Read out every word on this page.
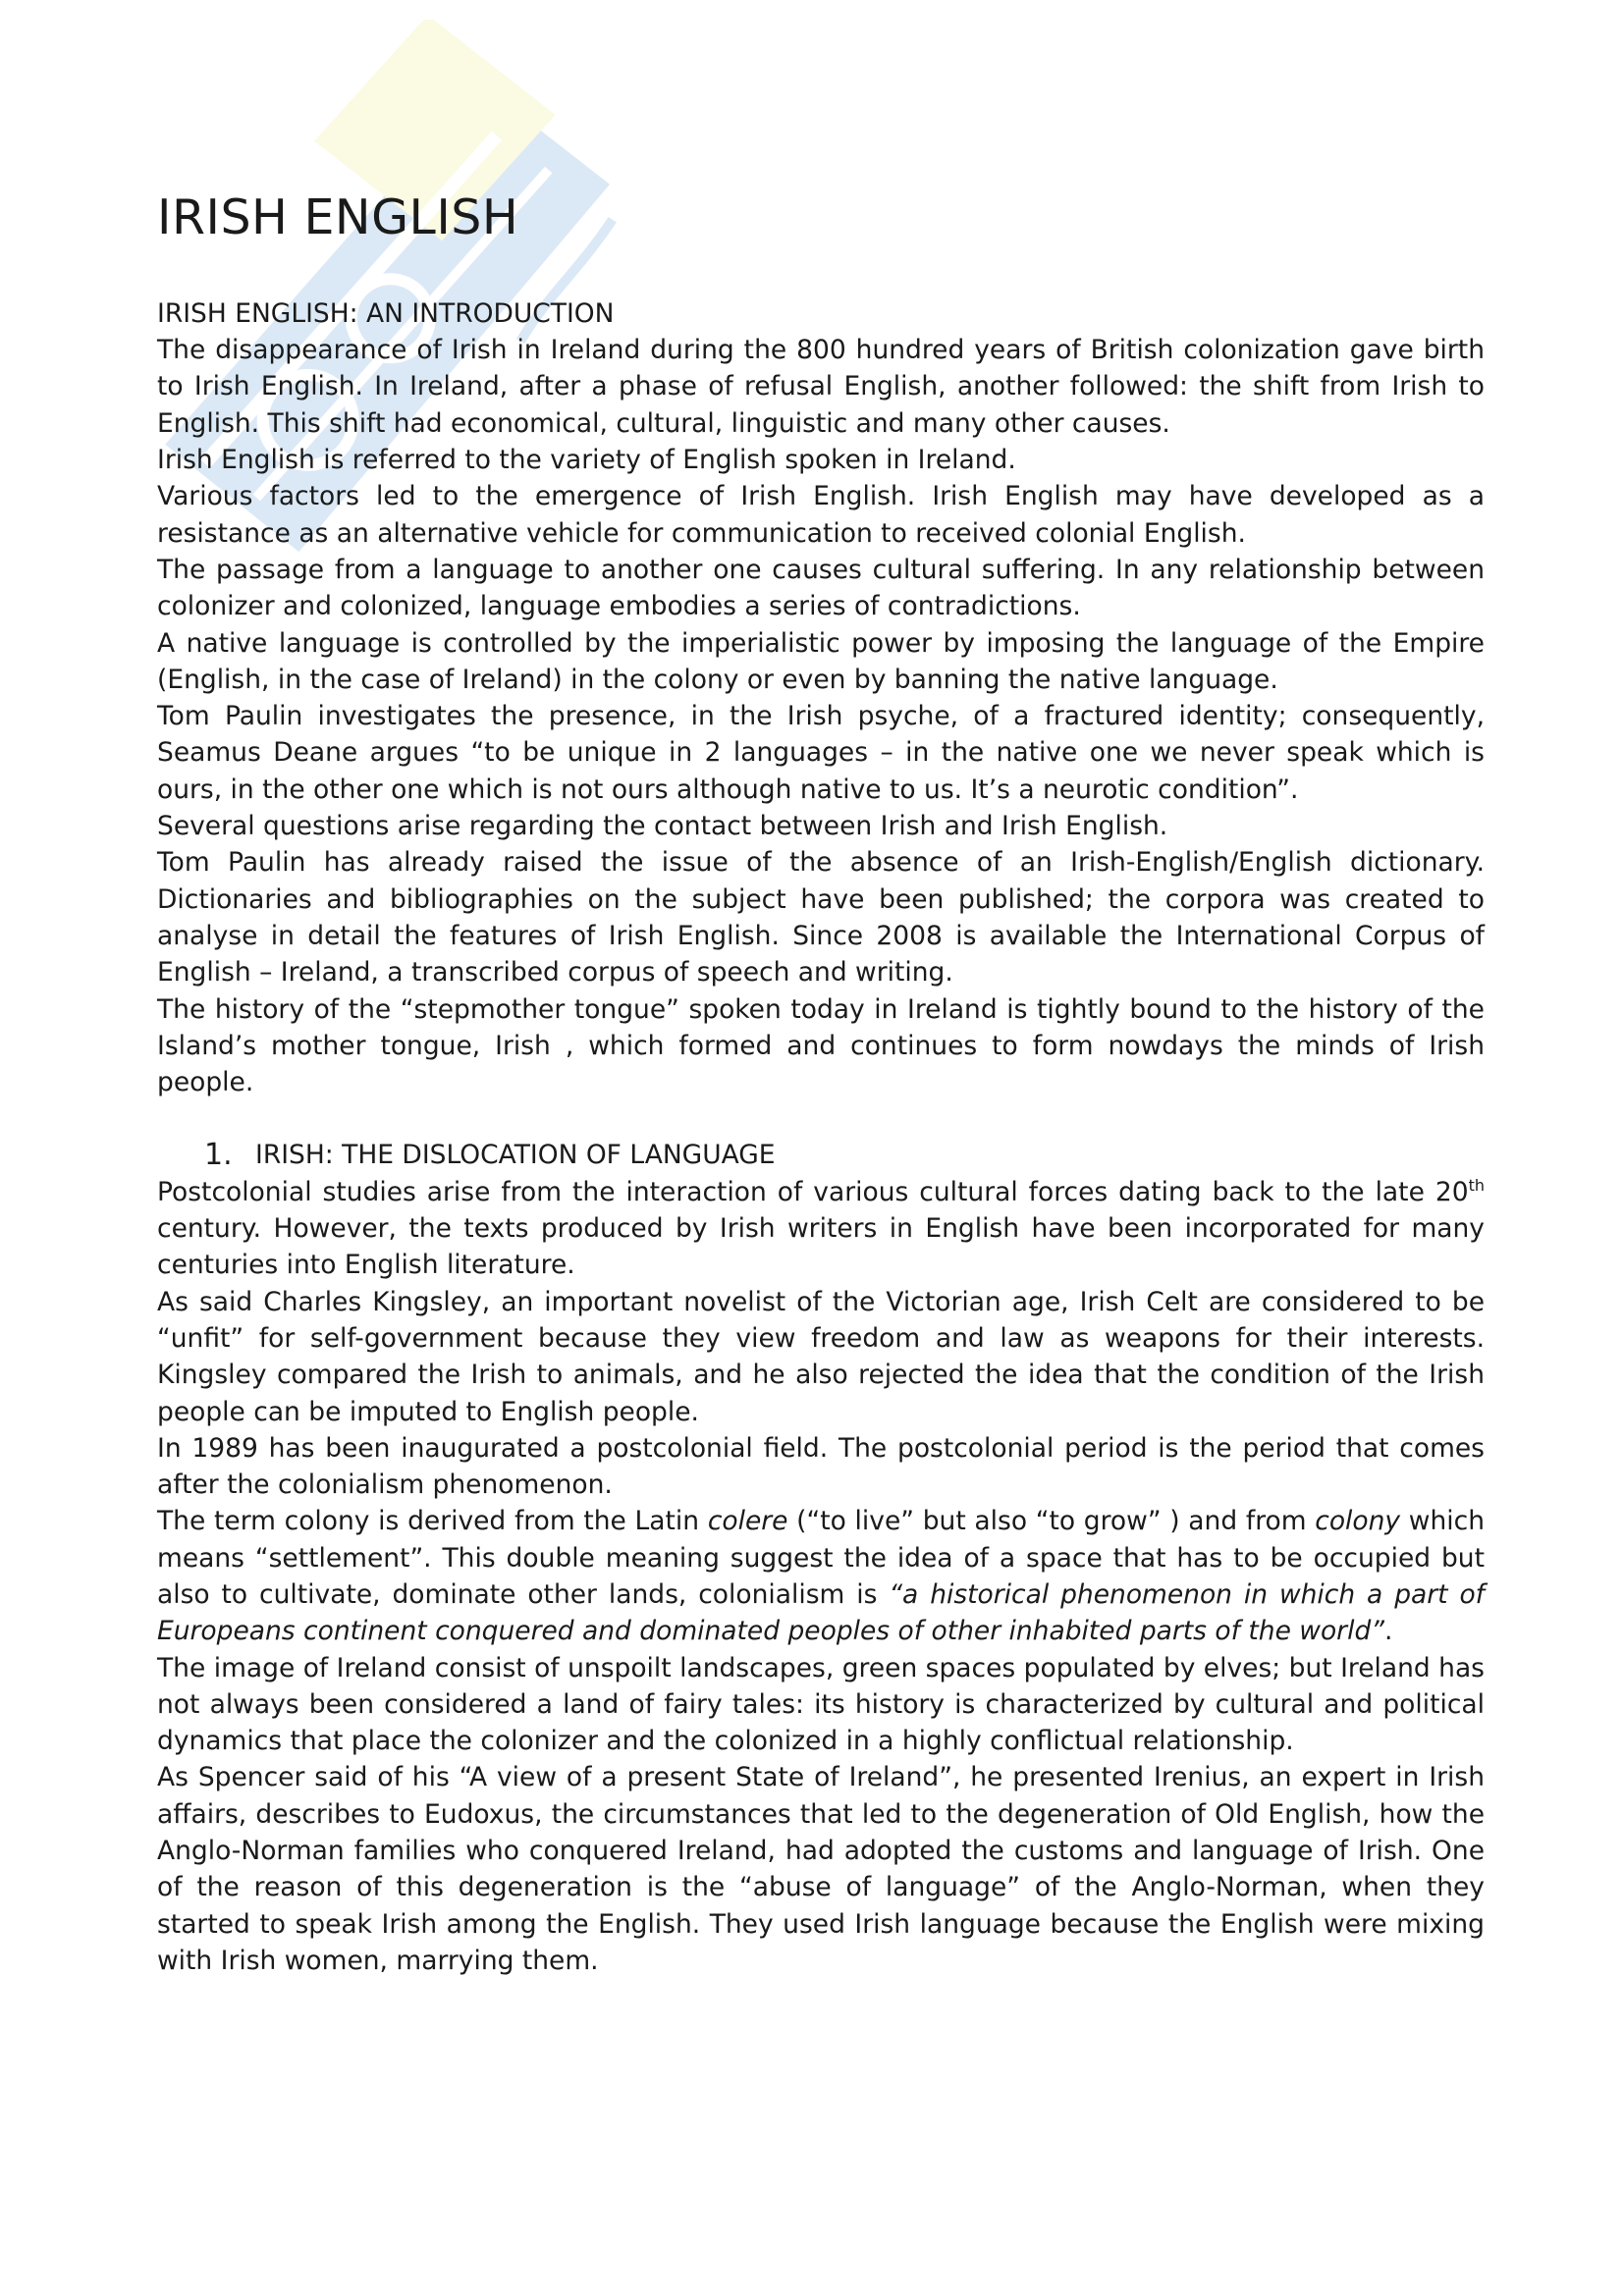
IRISH ENGLISH

IRISH ENGLISH: AN INTRODUCTION

The disappearance of Irish in Ireland during the 800 hundred years of British colonization gave birth to Irish English. In Ireland, after a phase of refusal English, another followed: the shift from Irish to English. This shift had economical, cultural, linguistic and many other causes.

Irish English is referred to the variety of English spoken in Ireland.

Various factors led to the emergence of Irish English. Irish English may have developed as a resistance as an alternative vehicle for communication to received colonial English.

The passage from a language to another one causes cultural suffering. In any relationship between colonizer and colonized, language embodies a series of contradictions.

A native language is controlled by the imperialistic power by imposing the language of the Empire (English, in the case of Ireland) in the colony or even by banning the native language.

Tom Paulin investigates the presence, in the Irish psyche, of a fractured identity; consequently, Seamus Deane argues “to be unique in 2 languages – in the native one we never speak which is ours, in the other one which is not ours although native to us. It’s a neurotic condition”.

Several questions arise regarding the contact between Irish and Irish English.

Tom Paulin has already raised the issue of the absence of an Irish-English/English dictionary. Dictionaries and bibliographies on the subject have been published; the corpora was created to analyse in detail the features of Irish English. Since 2008 is available the International Corpus of English – Ireland, a transcribed corpus of speech and writing.

The history of the “stepmother tongue” spoken today in Ireland is tightly bound to the history of the Island’s mother tongue, Irish , which formed and continues to form nowdays the minds of Irish people.

1. IRISH: THE DISLOCATION OF LANGUAGE

Postcolonial studies arise from the interaction of various cultural forces dating back to the late 20th century. However, the texts produced by Irish writers in English have been incorporated for many centuries into English literature.

As said Charles Kingsley, an important novelist of the Victorian age, Irish Celt are considered to be “unfit” for self-government because they view freedom and law as weapons for their interests. Kingsley compared the Irish to animals, and he also rejected the idea that the condition of the Irish people can be imputed to English people.

In 1989 has been inaugurated a postcolonial field. The postcolonial period is the period that comes after the colonialism phenomenon.

The term colony is derived from the Latin colere (“to live” but also “to grow” ) and from colony which means “settlement”. This double meaning suggest the idea of a space that has to be occupied but also to cultivate, dominate other lands, colonialism is “a historical phenomenon in which a part of Europeans continent conquered and dominated peoples of other inhabited parts of the world”.

The image of Ireland consist of unspoilt landscapes, green spaces populated by elves; but Ireland has not always been considered a land of fairy tales: its history is characterized by cultural and political dynamics that place the colonizer and the colonized in a highly conflictual relationship.

As Spencer said of his “A view of a present State of Ireland”, he presented Irenius, an expert in Irish affairs, describes to Eudoxus, the circumstances that led to the degeneration of Old English, how the Anglo-Norman families who conquered Ireland, had adopted the customs and language of Irish. One of the reason of this degeneration is the “abuse of language” of the Anglo-Norman, when they started to speak Irish among the English. They used Irish language because the English were mixing with Irish women, marrying them.
